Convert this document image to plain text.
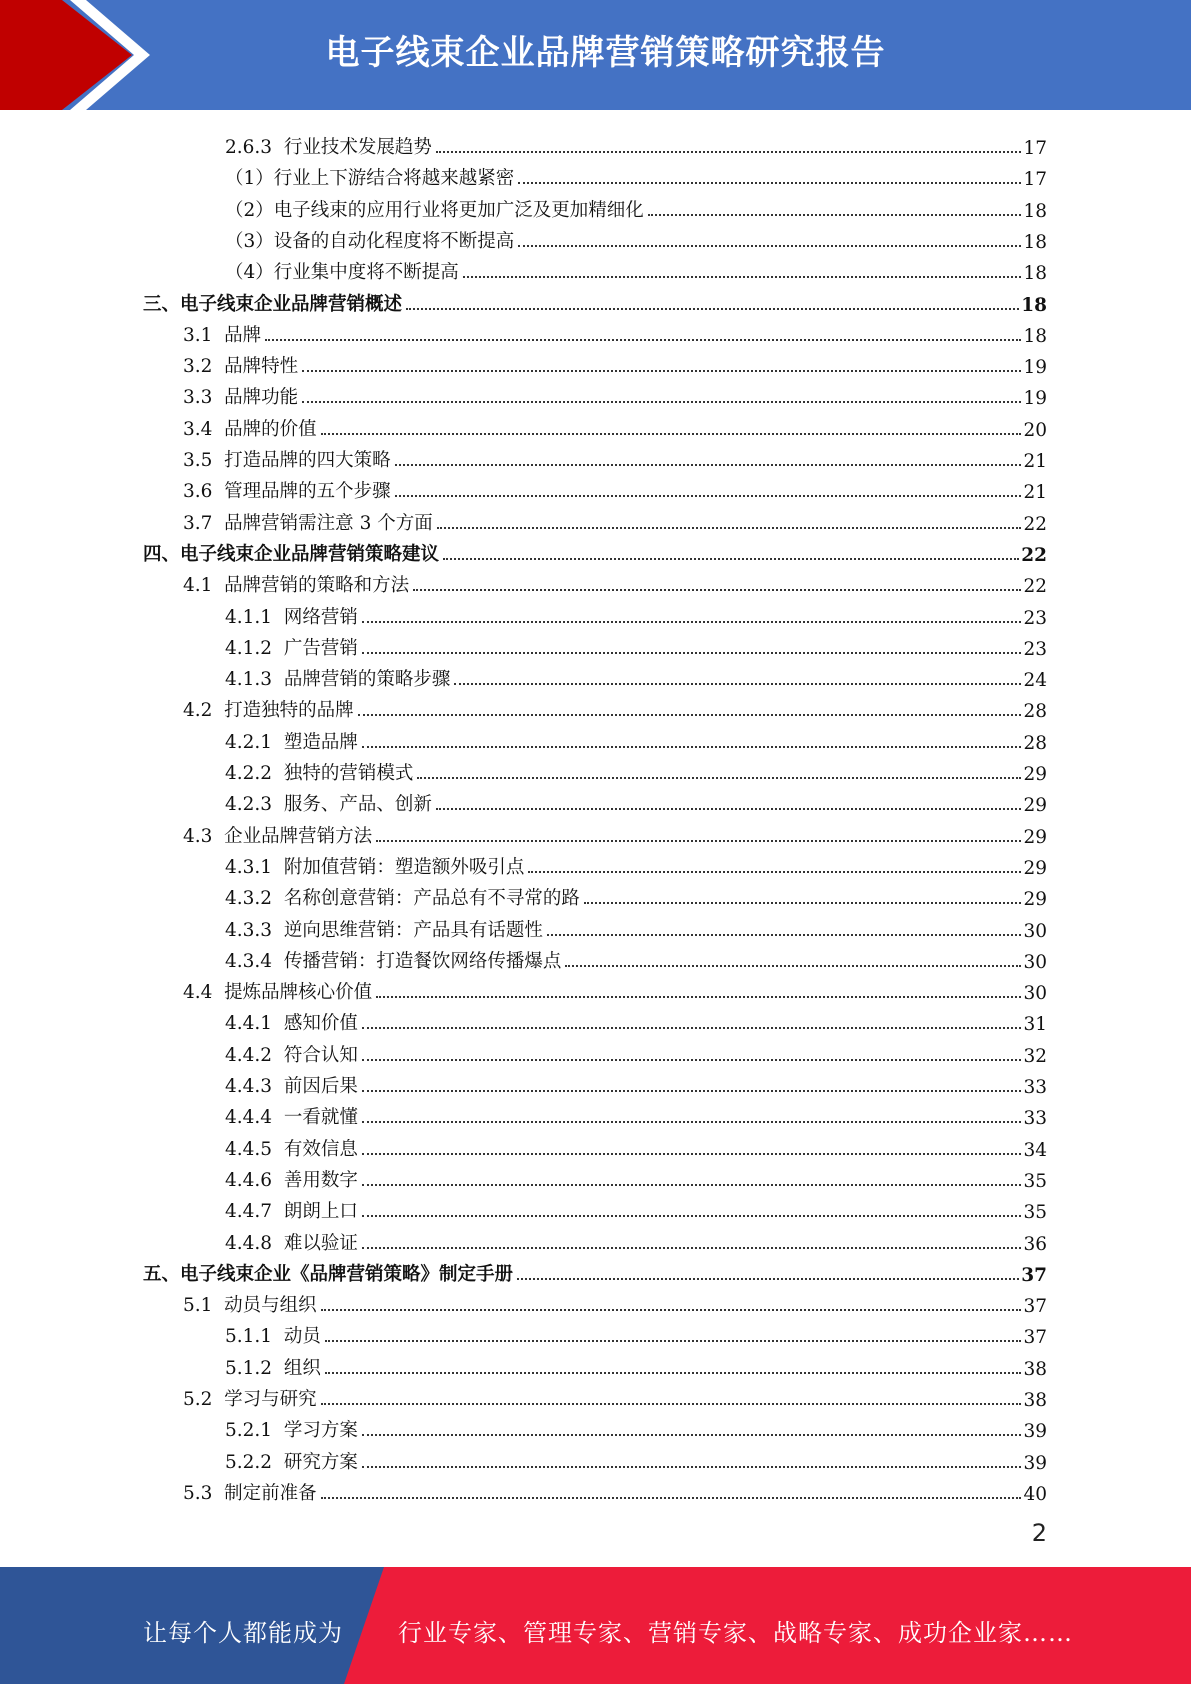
电子线束企业品牌营销策略研究报告
2.6.3  行业技术发展趋势	17
（1）行业上下游结合将越来越紧密	17
（2）电子线束的应用行业将更加广泛及更加精细化	18
（3）设备的自动化程度将不断提高	18
（4）行业集中度将不断提高	18
三、电子线束企业品牌营销概述	18
3.1  品牌	18
3.2  品牌特性	19
3.3  品牌功能	19
3.4  品牌的价值	20
3.5  打造品牌的四大策略	21
3.6  管理品牌的五个步骤	21
3.7  品牌营销需注意 3 个方面	22
四、电子线束企业品牌营销策略建议	22
4.1  品牌营销的策略和方法	22
4.1.1  网络营销	23
4.1.2  广告营销	23
4.1.3  品牌营销的策略步骤	24
4.2  打造独特的品牌	28
4.2.1  塑造品牌	28
4.2.2  独特的营销模式	29
4.2.3  服务、产品、创新	29
4.3  企业品牌营销方法	29
4.3.1  附加值营销：塑造额外吸引点	29
4.3.2  名称创意营销：产品总有不寻常的路	29
4.3.3  逆向思维营销：产品具有话题性	30
4.3.4  传播营销：打造餐饮网络传播爆点	30
4.4  提炼品牌核心价值	30
4.4.1  感知价值	31
4.4.2  符合认知	32
4.4.3  前因后果	33
4.4.4  一看就懂	33
4.4.5  有效信息	34
4.4.6  善用数字	35
4.4.7  朗朗上口	35
4.4.8  难以验证	36
五、电子线束企业《品牌营销策略》制定手册	37
5.1  动员与组织	37
5.1.1  动员	37
5.1.2  组织	38
5.2  学习与研究	38
5.2.1  学习方案	39
5.2.2  研究方案	39
5.3  制定前准备	40
2
让每个人都能成为 行业专家、管理专家、营销专家、战略专家、成功企业家……
